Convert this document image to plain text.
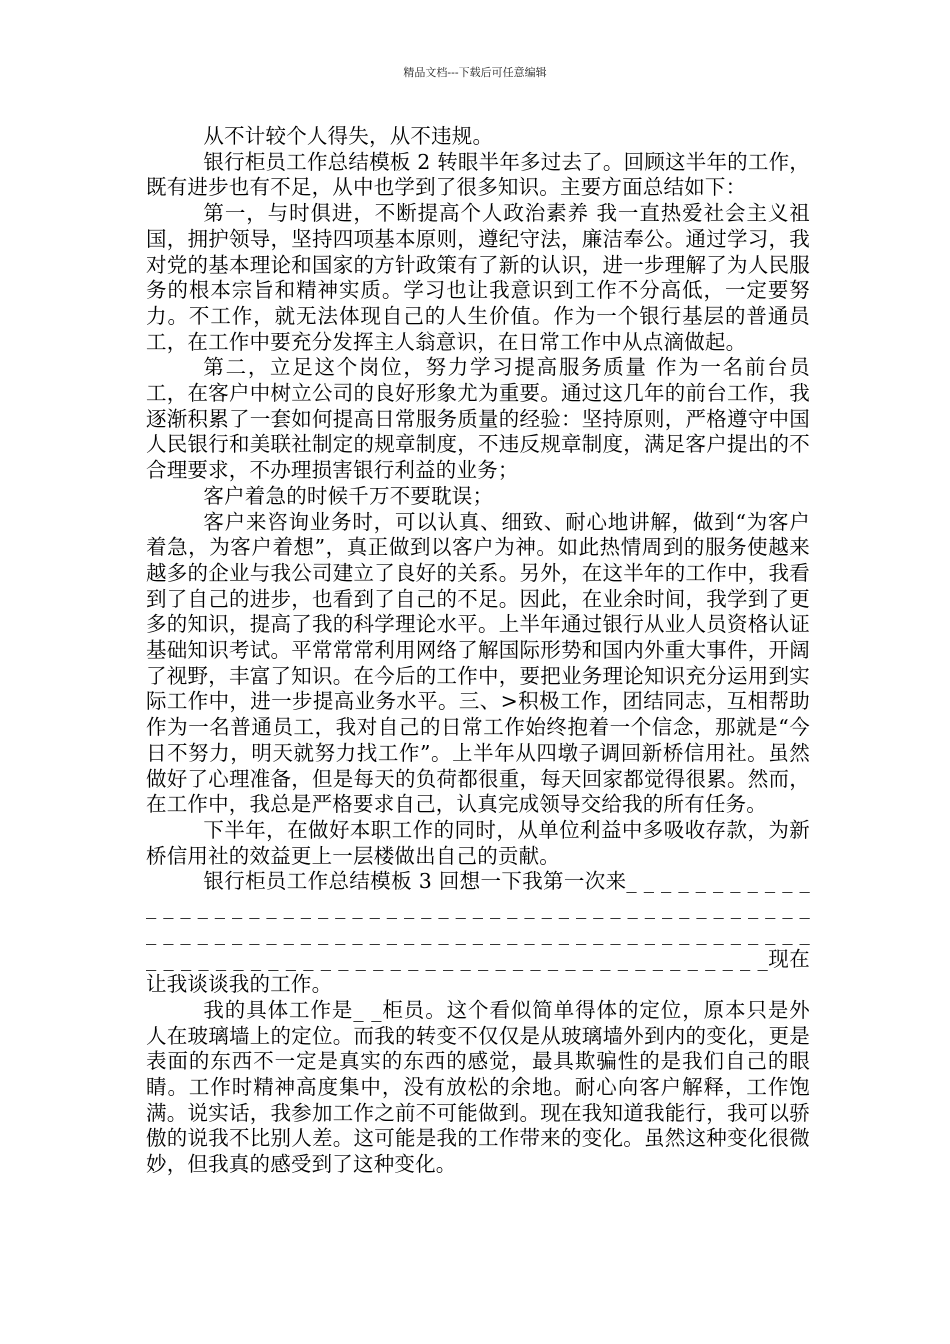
精品文档---下载后可任意编辑

从不计较个人得失，从不违规。

银行柜员工作总结模板 2 转眼半年多过去了。回顾这半年的工作，既有进步也有不足，从中也学到了很多知识。主要方面总结如下：

第一，与时俱进，不断提高个人政治素养 我一直热爱社会主义祖国，拥护领导，坚持四项基本原则，遵纪守法，廉洁奉公。通过学习，我对党的基本理论和国家的方针政策有了新的认识，进一步理解了为人民服务的根本宗旨和精神实质。学习也让我意识到工作不分高低，一定要努力。不工作，就无法体现自己的人生价值。作为一个银行基层的普通员工，在工作中要充分发挥主人翁意识，在日常工作中从点滴做起。

第二，立足这个岗位，努力学习提高服务质量 作为一名前台员工，在客户中树立公司的良好形象尤为重要。通过这几年的前台工作，我逐渐积累了一套如何提高日常服务质量的经验：坚持原则，严格遵守中国人民银行和美联社制定的规章制度，不违反规章制度，满足客户提出的不合理要求，不办理损害银行利益的业务；

客户着急的时候千万不要耽误；

客户来咨询业务时，可以认真、细致、耐心地讲解，做到“为客户着急，为客户着想”，真正做到以客户为神。如此热情周到的服务使越来越多的企业与我公司建立了良好的关系。另外，在这半年的工作中，我看到了自己的进步，也看到了自己的不足。因此，在业余时间，我学到了更多的知识，提高了我的科学理论水平。上半年通过银行从业人员资格认证基础知识考试。平常常常利用网络了解国际形势和国内外重大事件，开阔了视野，丰富了知识。在今后的工作中，要把业务理论知识充分运用到实际工作中，进一步提高业务水平。三、>积极工作，团结同志，互相帮助 作为一名普通员工，我对自己的日常工作始终抱着一个信念，那就是“今日不努力，明天就努力找工作”。上半年从四墩子调回新桥信用社。虽然做好了心理准备，但是每天的负荷都很重，每天回家都觉得很累。然而，在工作中，我总是严格要求自己，认真完成领导交给我的所有任务。

下半年，在做好本职工作的同时，从单位利益中多吸收存款，为新桥信用社的效益更上一层楼做出自己的贡献。

银行柜员工作总结模板 3 回想一下我第一次来_ _ _ _ _ _ _ _ _ _ _ _ _ _ _ _ _ _ _ _ _ _ _ _ _ _ _ _ _ _ _ _ _ _ _ _ _ _ _ _ _ _ _ _ _ _ _ _ _ _ _ _ _ _ _ _ _ _ _ _ _ _ _ _ _ _ _ _ _ _ _ _ _ _ _ _ _ _ _ _ _ _ _ _ _ _ _ _ _ _ _ _ _ _ _ _ _ _ _ _ _ _ _ _ _ _ _ _ _ _ _ _ _ _ _ _ _ _ _ _ _ _ _ _ _现在让我谈谈我的工作。

我的具体工作是_ _柜员。这个看似简单得体的定位，原本只是外人在玻璃墙上的定位。而我的转变不仅仅是从玻璃墙外到内的变化，更是表面的东西不一定是真实的东西的感觉，最具欺骗性的是我们自己的眼睛。工作时精神高度集中，没有放松的余地。耐心向客户解释，工作饱满。说实话，我参加工作之前不可能做到。现在我知道我能行，我可以骄傲的说我不比别人差。这可能是我的工作带来的变化。虽然这种变化很微妙，但我真的感受到了这种变化。
